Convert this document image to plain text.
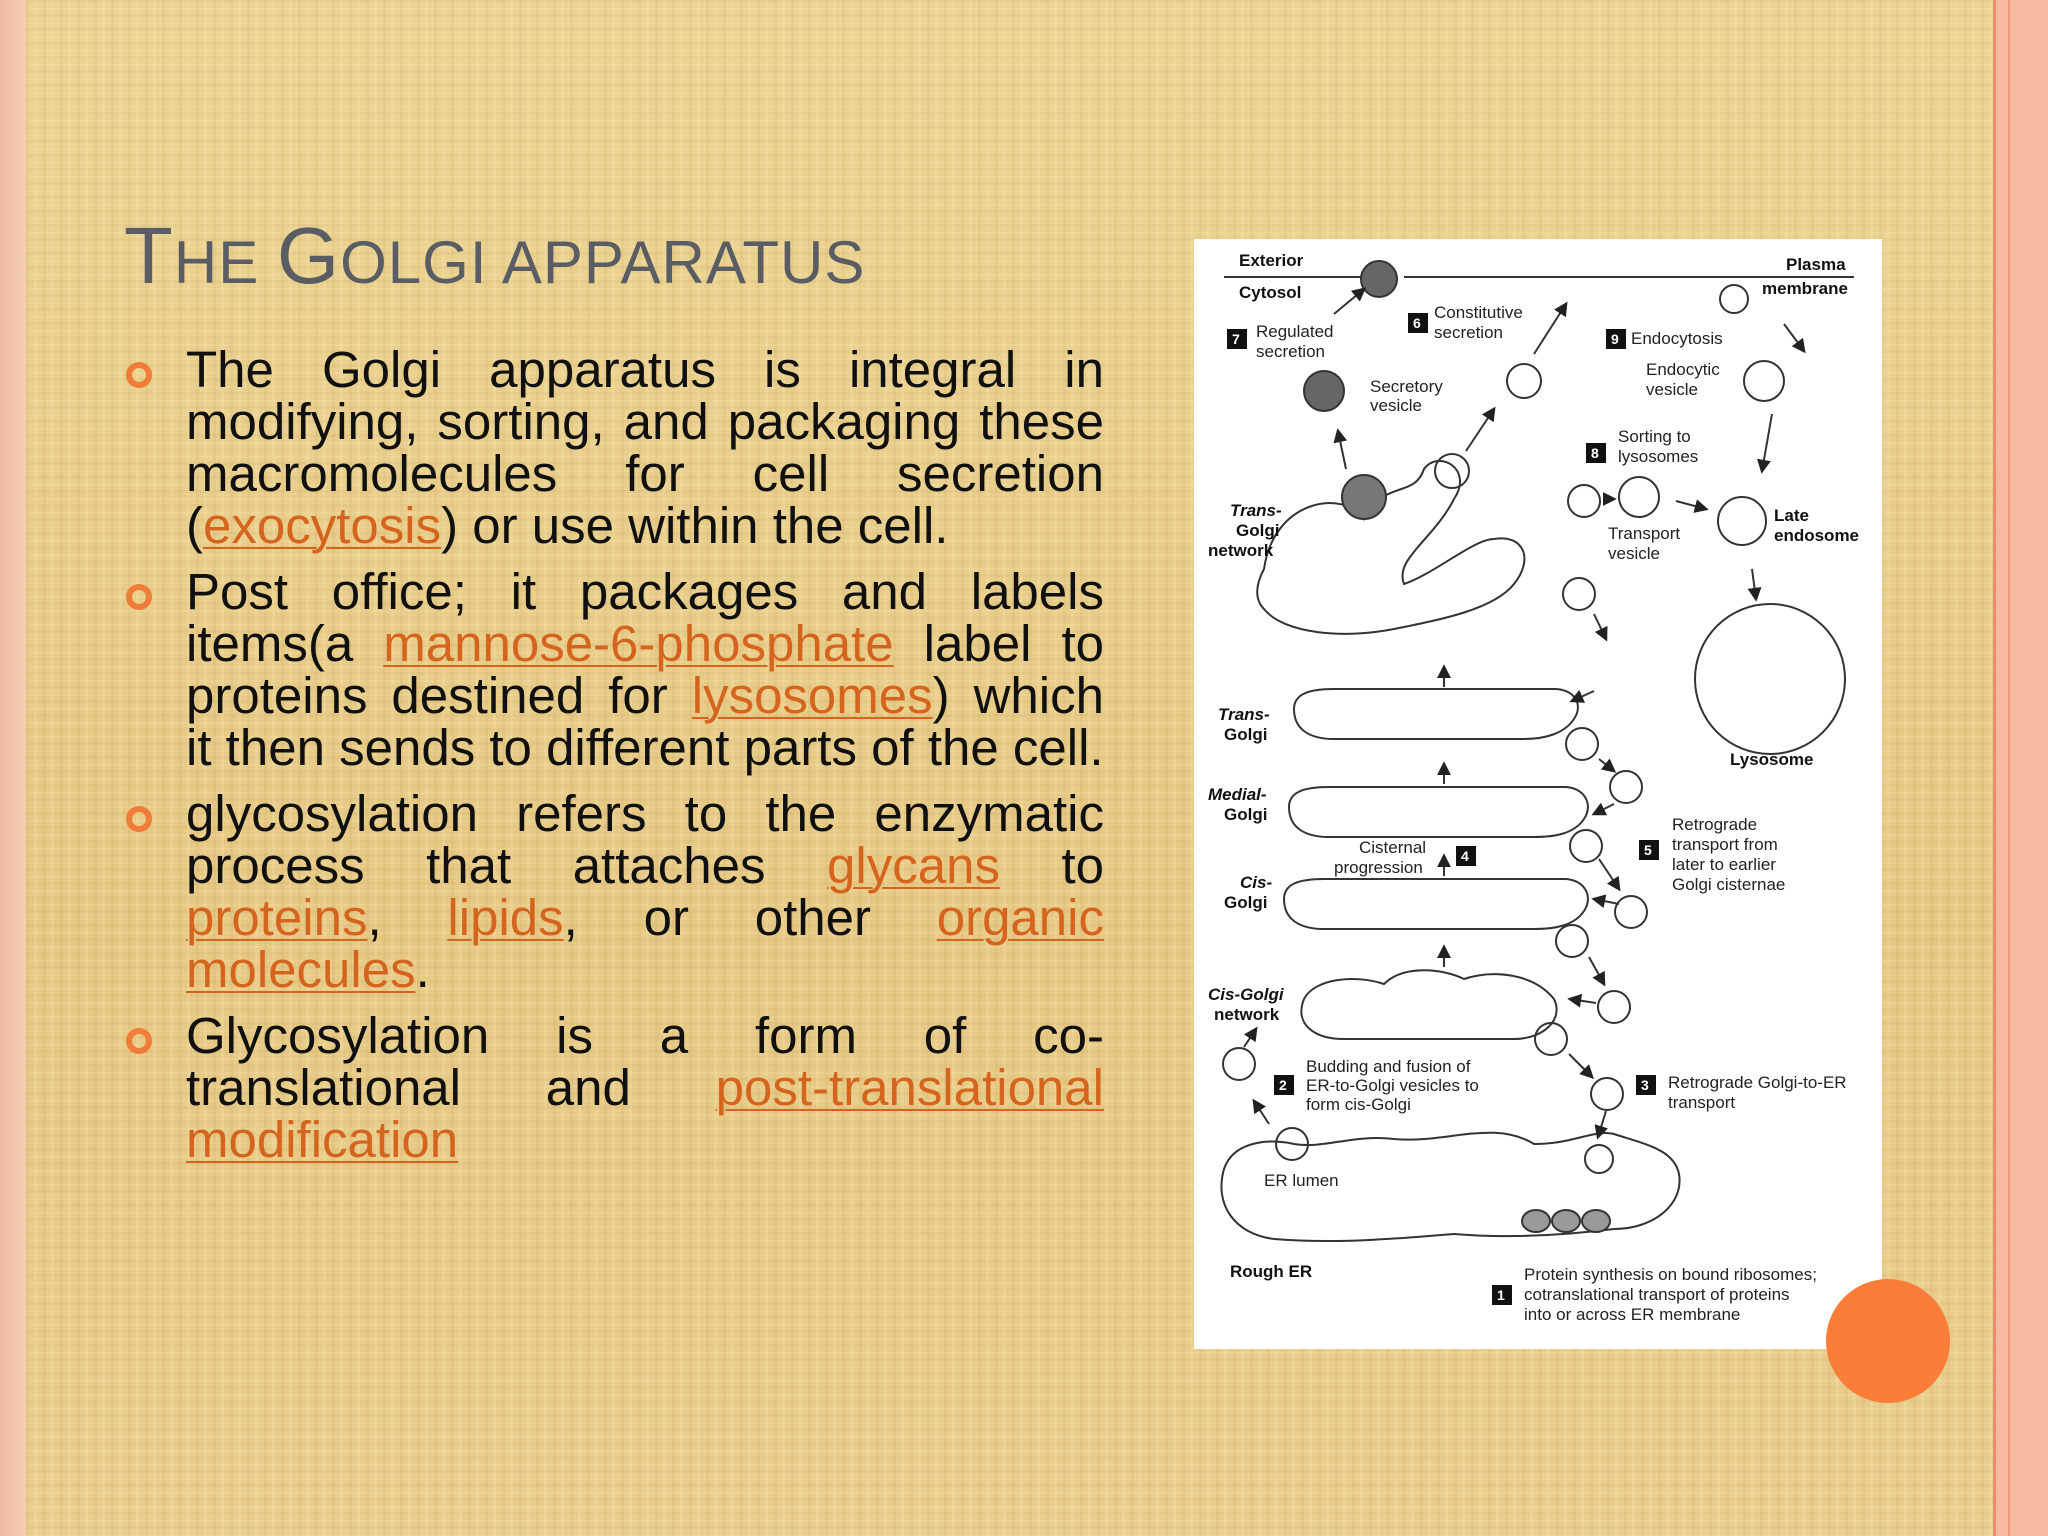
THE GOLGI APPARATUS
The Golgi apparatus is integral in modifying, sorting, and packaging these macromolecules for cell secretion (exocytosis) or use within the cell.
Post office; it packages and labels items(a mannose-6-phosphate label to proteins destined for lysosomes) which it then sends to different parts of the cell.
glycosylation refers to the enzymatic process that attaches glycans to proteins, lipids, or other organic molecules.
Glycosylation is a form of co-translational and post-translational modification
Exterior
Cytosol
Plasma
membrane
7 Regulated
secretion
6
Constitutive
secretion	9 Endocytosis
Endocytic
vesicle
Secretory
vesicle
8
Sorting to
lysosomes
Trans-
Golgi
network
Transport
vesicle
Late
endosome
Trans-
Golgi
Lysosome
Medial-
Golgi
Cisternal
progression
4	5
Retrograde
transport from
later to earlier
Golgi cisternae
Cis-
Golgi
Cis-Golgi
network
2
Budding and fusion of
ER-to-Golgi vesicles to
form cis-Golgi
3 Retrograde Golgi-to-ER
transport
ER lumen
Rough ER
1
Protein synthesis on bound ribosomes;
cotranslational transport of proteins
into or across ER membrane
